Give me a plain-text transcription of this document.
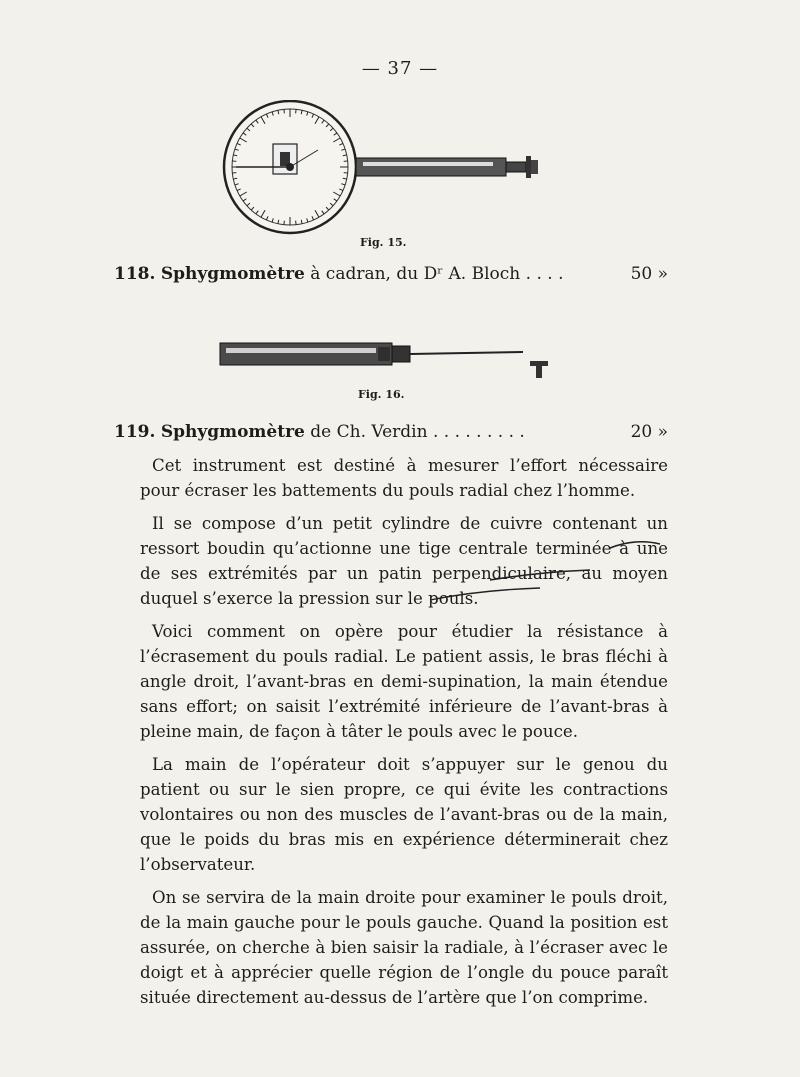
— 37 —
Fig. 15.
118. Sphygmomètre à cadran, du Dʳ A. Bloch . . . .	50 »
Fig. 16.
119. Sphygmomètre de Ch. Verdin . . . . . . . . .	20 »

Cet instrument est destiné à mesurer l’effort nécessaire pour écraser les battements du pouls radial chez l’homme.

Il se compose d’un petit cylindre de cuivre contenant un ressort boudin qu’actionne une tige centrale terminée à une de ses extrémités par un patin perpendiculaire, au moyen duquel s’exerce la pression sur le pouls.

Voici comment on opère pour étudier la résistance à l’écrasement du pouls radial. Le patient assis, le bras fléchi à angle droit, l’avant-bras en demi-supination, la main étendue sans effort; on saisit l’extrémité inférieure de l’avant-bras à pleine main, de façon à tâter le pouls avec le pouce.

La main de l’opérateur doit s’appuyer sur le genou du patient ou sur le sien propre, ce qui évite les contractions volontaires ou non des muscles de l’avant-bras ou de la main, que le poids du bras mis en expérience déterminerait chez l’observateur.

On se servira de la main droite pour examiner le pouls droit, de la main gauche pour le pouls gauche. Quand la position est assurée, on cherche à bien saisir la radiale, à l’écraser avec le doigt et à apprécier quelle région de l’ongle du pouce paraît située directement au-dessus de l’artère que l’on comprime.
